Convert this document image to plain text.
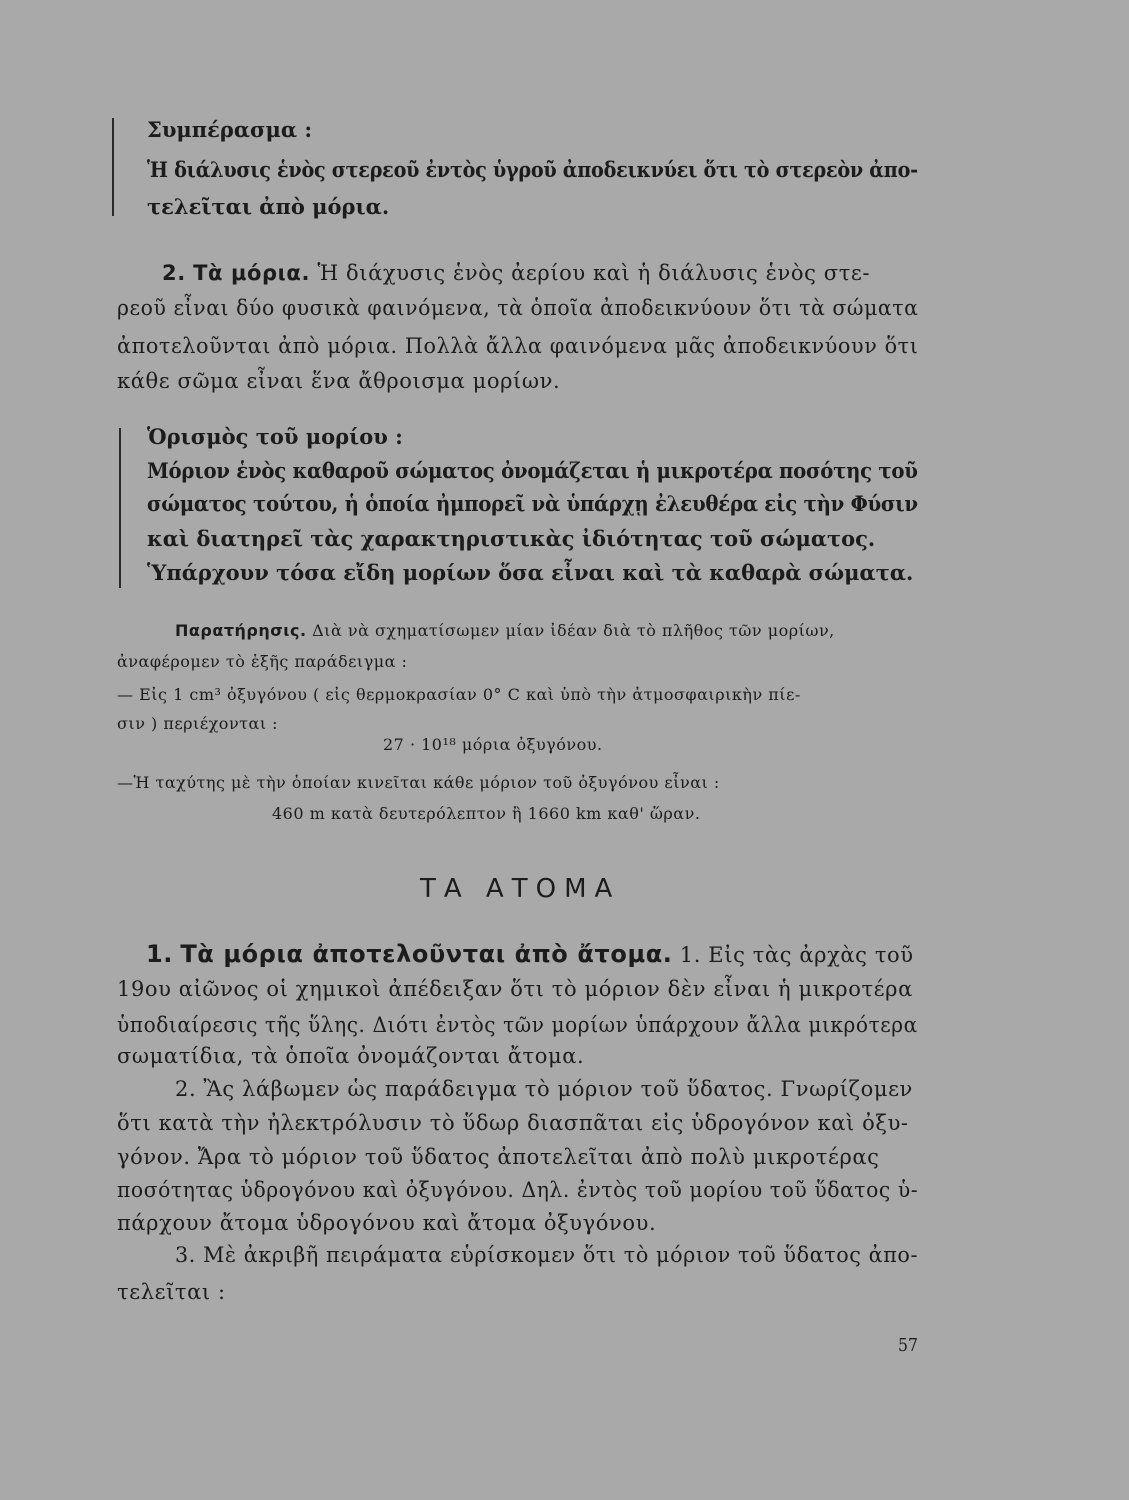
Συμπέρασμα :
Ἡ διάλυσις ἑνὸς στερεοῦ ἐντὸς ὑγροῦ ἀποδεικνύει ὅτι τὸ στερεὸν ἀπο-
τελεῖται ἀπὸ μόρια.
2. Τὰ μόρια. Ἡ διάχυσις ἑνὸς ἀερίου καὶ ἡ διάλυσις ἑνὸς στε-
ρεοῦ εἶναι δύο φυσικὰ φαινόμενα, τὰ ὁποῖα ἀποδεικνύουν ὅτι τὰ σώματα
ἀποτελοῦνται ἀπὸ μόρια. Πολλὰ ἄλλα φαινόμενα μᾶς ἀποδεικνύουν ὅτι
κάθε σῶμα εἶναι ἕνα ἄθροισμα μορίων.
Ὁρισμὸς τοῦ μορίου :
Μόριον ἑνὸς καθαροῦ σώματος ὀνομάζεται ἡ μικροτέρα ποσότης τοῦ
σώματος τούτου, ἡ ὁποία ἠμπορεῖ νὰ ὑπάρχῃ ἐλευθέρα εἰς τὴν Φύσιν
καὶ διατηρεῖ τὰς χαρακτηριστικὰς ἰδιότητας τοῦ σώματος.
Ὑπάρχουν τόσα εἴδη μορίων ὅσα εἶναι καὶ τὰ καθαρὰ σώματα.
Παρατήρησις. Διὰ νὰ σχηματίσωμεν μίαν ἰδέαν διὰ τὸ πλῆθος τῶν μορίων,
ἀναφέρομεν τὸ ἑξῆς παράδειγμα :
— Εἰς 1 cm³ ὀξυγόνου ( εἰς θερμοκρασίαν 0° C καὶ ὑπὸ τὴν ἀτμοσφαιρικὴν πίε-
σιν ) περιέχονται :
27 · 10¹⁸ μόρια ὀξυγόνου.
—Ἡ ταχύτης μὲ τὴν ὁποίαν κινεῖται κάθε μόριον τοῦ ὀξυγόνου εἶναι :
460 m κατὰ δευτερόλεπτον ἢ 1660 km καθ' ὥραν.
ΤΑ ΑΤΟΜΑ
1. Τὰ μόρια ἀποτελοῦνται ἀπὸ ἄτομα. 1. Εἰς τὰς ἀρχὰς τοῦ
19ου αἰῶνος οἱ χημικοὶ ἀπέδειξαν ὅτι τὸ μόριον δὲν εἶναι ἡ μικροτέρα
ὑποδιαίρεσις τῆς ὕλης. Διότι ἐντὸς τῶν μορίων ὑπάρχουν ἄλλα μικρότερα
σωματίδια, τὰ ὁποῖα ὀνομάζονται ἄτομα.
2. Ἂς λάβωμεν ὡς παράδειγμα τὸ μόριον τοῦ ὕδατος. Γνωρίζομεν
ὅτι κατὰ τὴν ἠλεκτρόλυσιν τὸ ὕδωρ διασπᾶται εἰς ὑδρογόνον καὶ ὀξυ-
γόνον. Ἄρα τὸ μόριον τοῦ ὕδατος ἀποτελεῖται ἀπὸ πολὺ μικροτέρας
ποσότητας ὑδρογόνου καὶ ὀξυγόνου. Δηλ. ἐντὸς τοῦ μορίου τοῦ ὕδατος ὑ-
πάρχουν ἄτομα ὑδρογόνου καὶ ἄτομα ὀξυγόνου.
3. Μὲ ἀκριβῆ πειράματα εὑρίσκομεν ὅτι τὸ μόριον τοῦ ὕδατος ἀπο-
τελεῖται :
57
